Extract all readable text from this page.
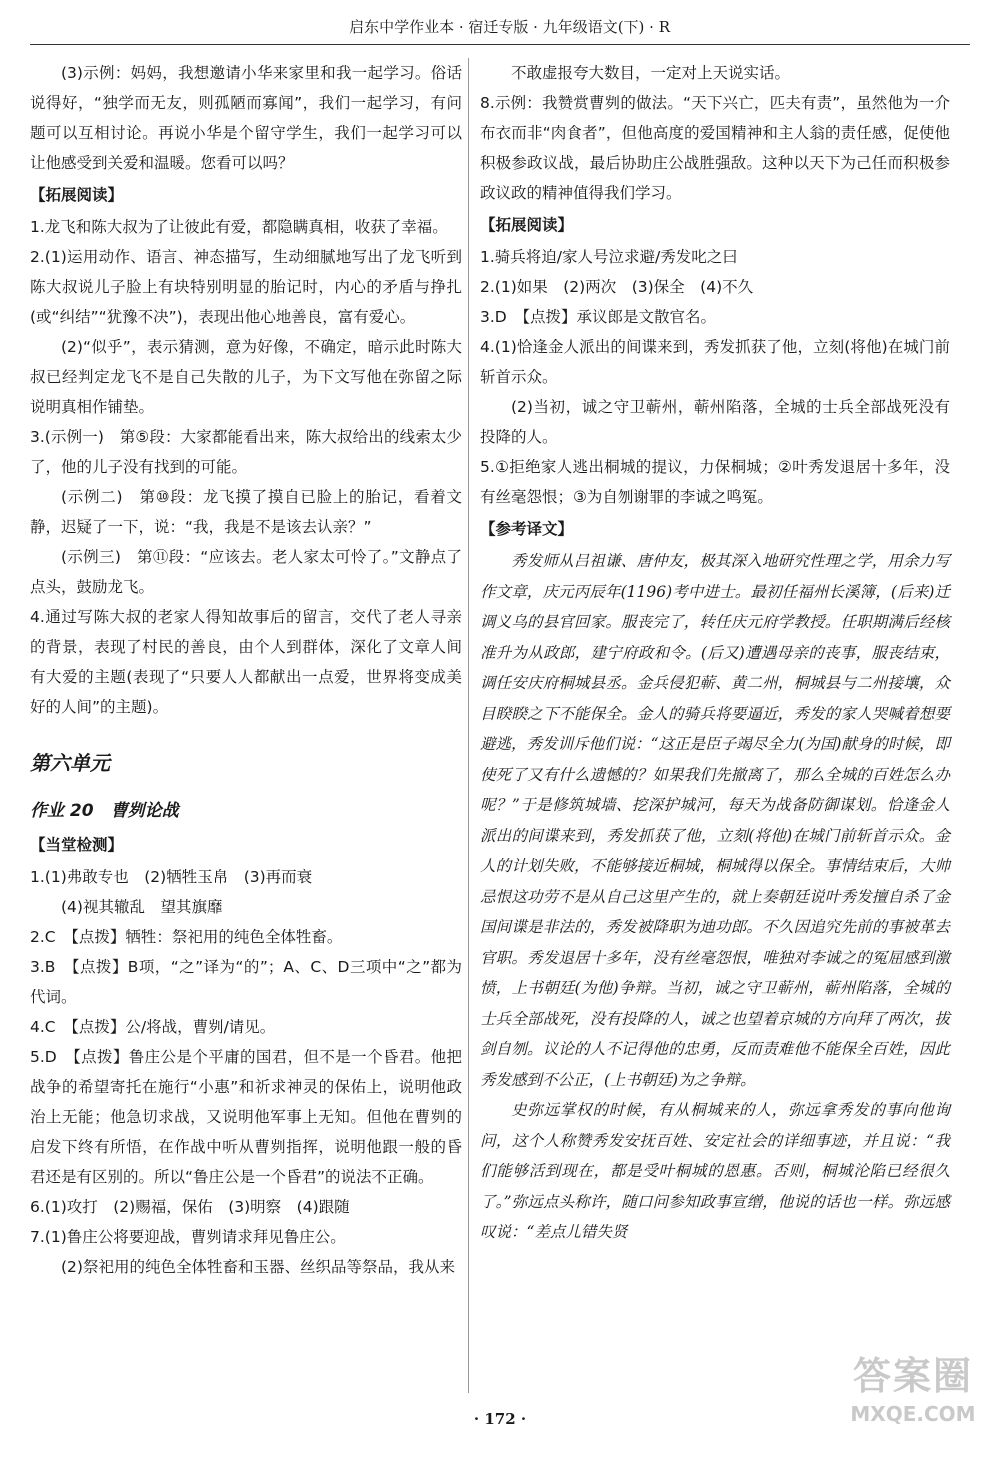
启东中学作业本 · 宿迁专版 · 九年级语文(下) · R

(3)示例：妈妈，我想邀请小华来家里和我一起学习。俗话说得好，“独学而无友，则孤陋而寡闻”，我们一起学习，有问题可以互相讨论。再说小华是个留守学生，我们一起学习可以让他感受到关爱和温暖。您看可以吗？

【拓展阅读】

1.龙飞和陈大叔为了让彼此有爱，都隐瞒真相，收获了幸福。

2.(1)运用动作、语言、神态描写，生动细腻地写出了龙飞听到陈大叔说儿子脸上有块特别明显的胎记时，内心的矛盾与挣扎(或“纠结”“犹豫不决”)，表现出他心地善良，富有爱心。

(2)“似乎”，表示猜测，意为好像，不确定，暗示此时陈大叔已经判定龙飞不是自己失散的儿子，为下文写他在弥留之际说明真相作铺垫。

3.(示例一)　第⑤段：大家都能看出来，陈大叔给出的线索太少了，他的儿子没有找到的可能。

(示例二)　第⑩段：龙飞摸了摸自已脸上的胎记，看着文静，迟疑了一下，说：“我，我是不是该去认亲？”

(示例三)　第⑪段：“应该去。老人家太可怜了。”文静点了点头，鼓励龙飞。

4.通过写陈大叔的老家人得知故事后的留言，交代了老人寻亲的背景，表现了村民的善良，由个人到群体，深化了文章人间有大爱的主题(表现了“只要人人都献出一点爱，世界将变成美好的人间”的主题)。

第六单元
作业 20　曹刿论战

【当堂检测】

1.(1)弗敢专也　(2)牺牲玉帛　(3)再而衰

(4)视其辙乱　望其旗靡

2.C　【点拨】牺牲：祭祀用的纯色全体牲畜。

3.B　【点拨】B项，“之”译为“的”；A、C、D三项中“之”都为代词。

4.C　【点拨】公/将战，曹刿/请见。

5.D　【点拨】鲁庄公是个平庸的国君，但不是一个昏君。他把战争的希望寄托在施行“小惠”和祈求神灵的保佑上，说明他政治上无能；他急切求战，又说明他军事上无知。但他在曹刿的启发下终有所悟，在作战中听从曹刿指挥，说明他跟一般的昏君还是有区别的。所以“鲁庄公是一个昏君”的说法不正确。

6.(1)攻打　(2)赐福，保佑　(3)明察　(4)跟随

7.(1)鲁庄公将要迎战，曹刿请求拜见鲁庄公。

(2)祭祀用的纯色全体牲畜和玉器、丝织品等祭品，我从来

不敢虚报夸大数目，一定对上天说实话。

8.示例：我赞赏曹刿的做法。“天下兴亡，匹夫有责”，虽然他为一介布衣而非“肉食者”，但他高度的爱国精神和主人翁的责任感，促使他积极参政议战，最后协助庄公战胜强敌。这种以天下为己任而积极参政议政的精神值得我们学习。

【拓展阅读】

1.骑兵将迫/家人号泣求避/秀发叱之曰

2.(1)如果　(2)两次　(3)保全　(4)不久

3.D　【点拨】承议郎是文散官名。

4.(1)恰逢金人派出的间谍来到，秀发抓获了他，立刻(将他)在城门前斩首示众。

(2)当初，诚之守卫蕲州，蕲州陷落，全城的士兵全部战死没有投降的人。

5.①拒绝家人逃出桐城的提议，力保桐城；②叶秀发退居十多年，没有丝毫怨恨；③为自刎谢罪的李诚之鸣冤。

【参考译文】

秀发师从吕祖谦、唐仲友，极其深入地研究性理之学，用余力写作文章，庆元丙辰年(1196)考中进士。最初任福州长溪簿，(后来)迁调义乌的县官回家。服丧完了，转任庆元府学教授。任职期满后经核准升为从政郎，建宁府政和令。(后又)遭遇母亲的丧事，服丧结束，调任安庆府桐城县丞。金兵侵犯蕲、黄二州，桐城县与二州接壤，众目睽睽之下不能保全。金人的骑兵将要逼近，秀发的家人哭喊着想要避逃，秀发训斥他们说：“这正是臣子竭尽全力(为国)献身的时候，即使死了又有什么遗憾的？如果我们先撤离了，那么全城的百姓怎么办呢？”于是修筑城墙、挖深护城河，每天为战备防御谋划。恰逢金人派出的间谍来到，秀发抓获了他，立刻(将他)在城门前斩首示众。金人的计划失败，不能够接近桐城，桐城得以保全。事情结束后，大帅忌恨这功劳不是从自己这里产生的，就上奏朝廷说叶秀发擅自杀了金国间谍是非法的，秀发被降职为迪功郎。不久因追究先前的事被革去官职。秀发退居十多年，没有丝毫怨恨，唯独对李诚之的冤屈感到激愤，上书朝廷(为他)争辩。当初，诚之守卫蕲州，蕲州陷落，全城的士兵全部战死，没有投降的人，诚之也望着京城的方向拜了两次，拔剑自刎。议论的人不记得他的忠勇，反而责难他不能保全百姓，因此秀发感到不公正，(上书朝廷)为之争辩。

史弥远掌权的时候，有从桐城来的人，弥远拿秀发的事向他询问，这个人称赞秀发安抚百姓、安定社会的详细事迹，并且说：“我们能够活到现在，都是受叶桐城的恩惠。否则，桐城沦陷已经很久了。”弥远点头称许，随口问参知政事宣缯，他说的话也一样。弥远感叹说：“差点儿错失贤

· 172 ·
答案圈
MXQE.COM
